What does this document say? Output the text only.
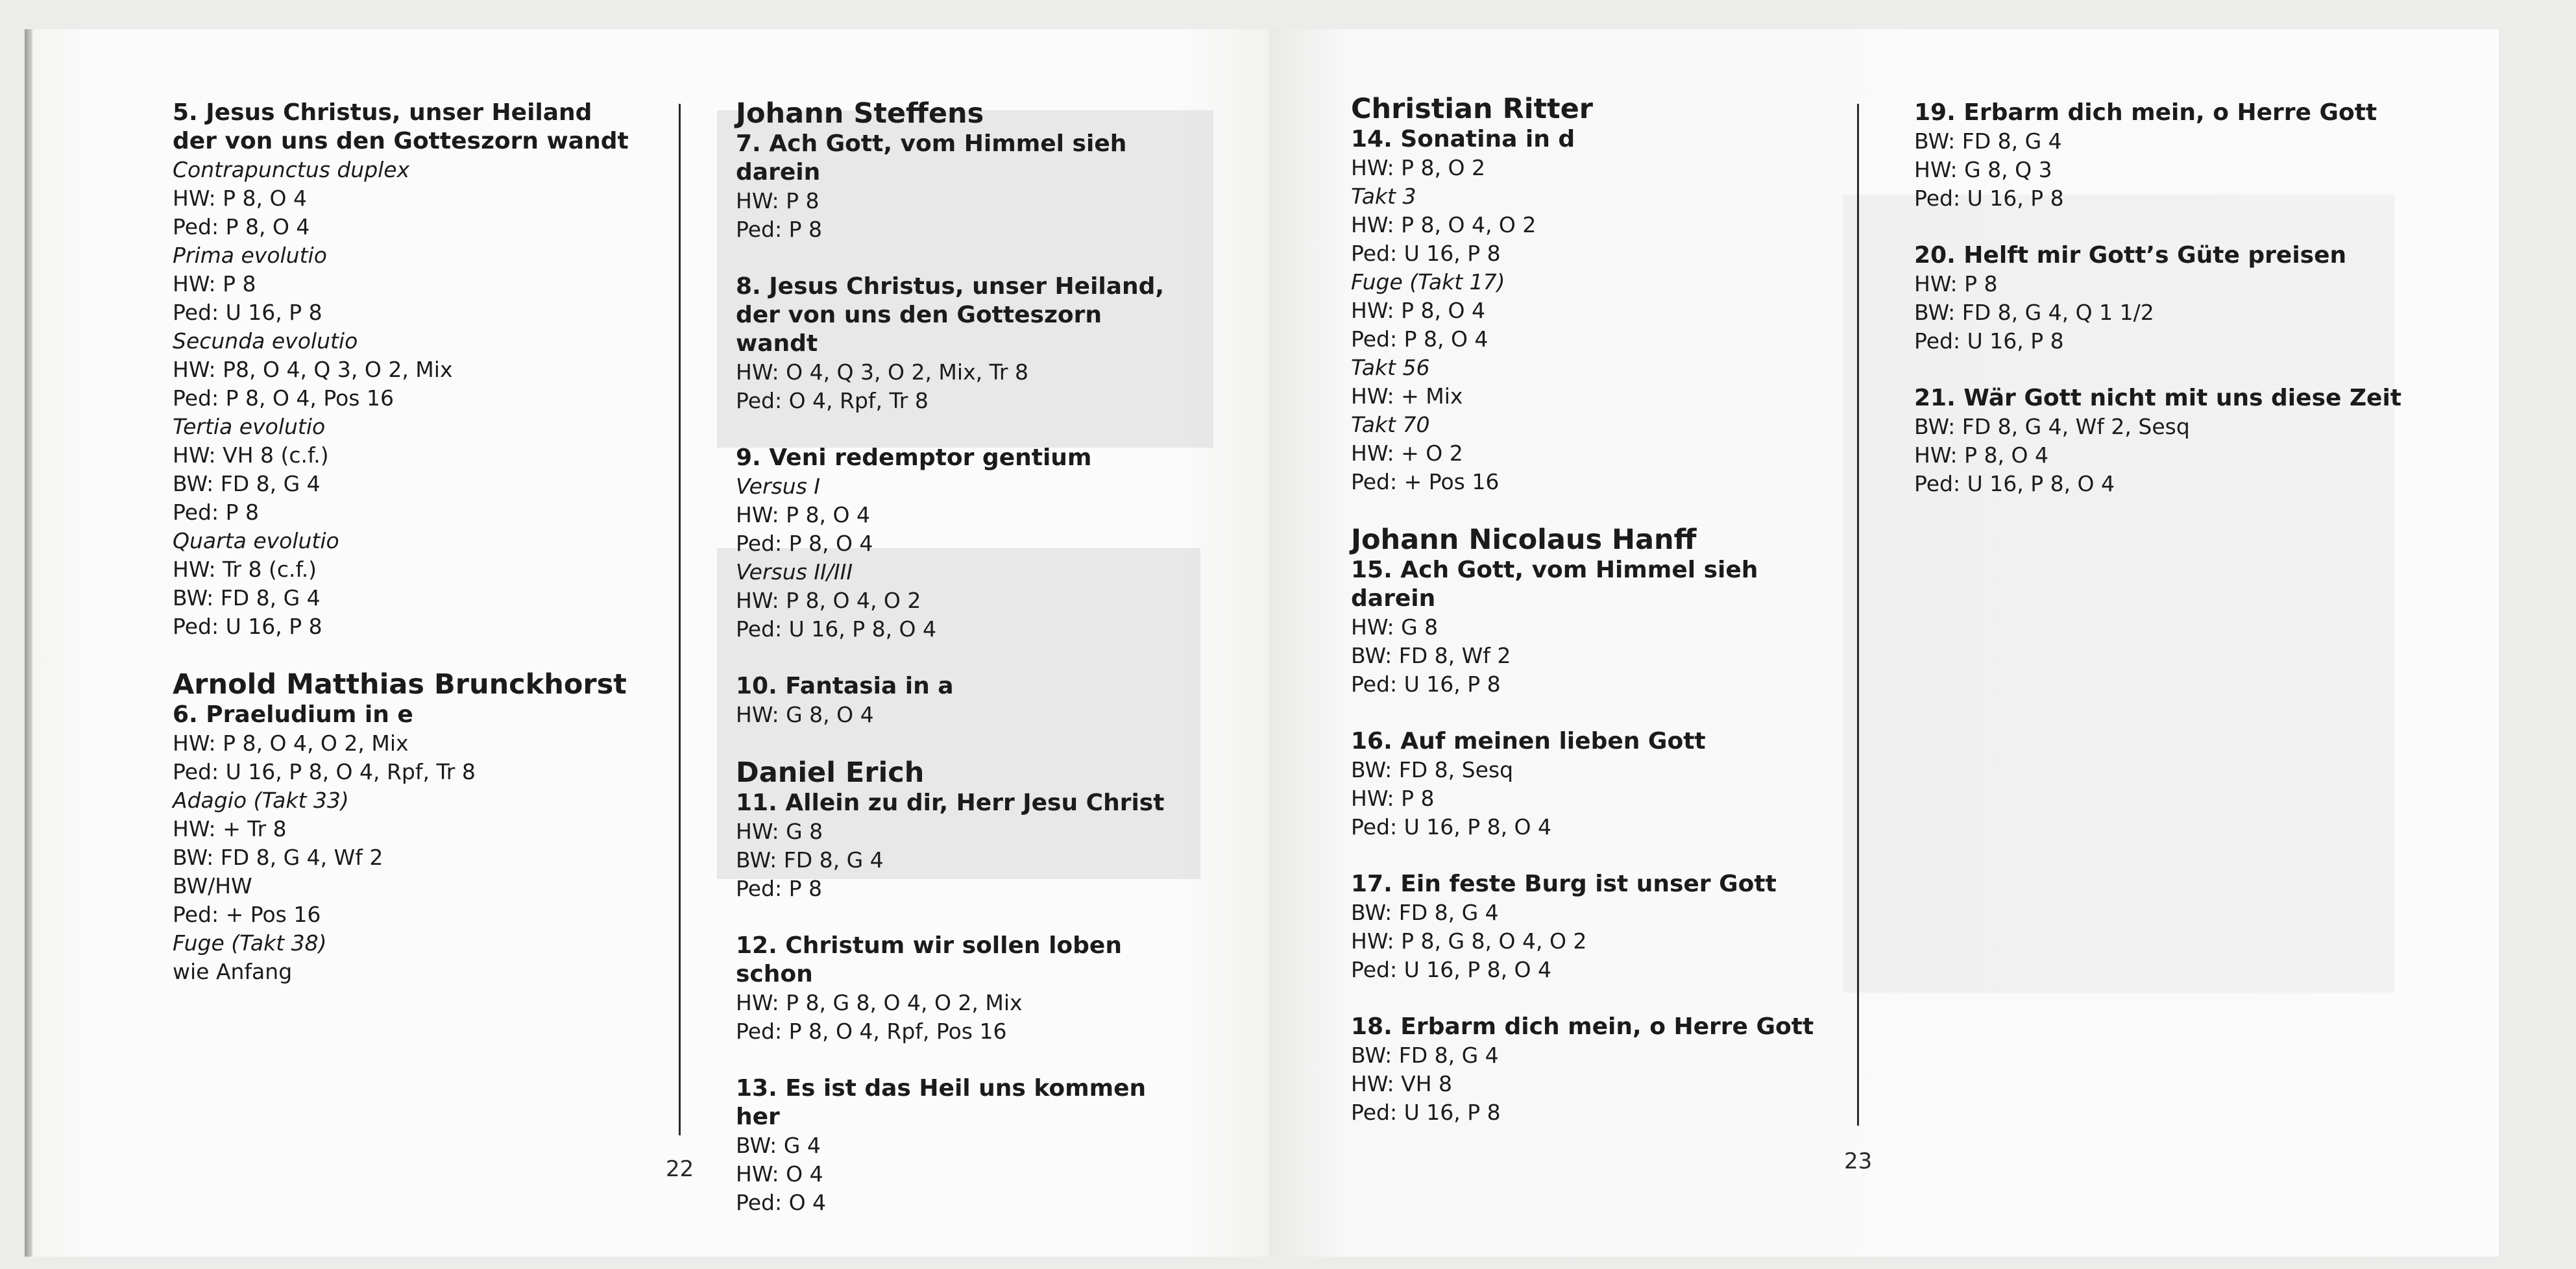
5. Jesus Christus, unser Heiland
der von uns den Gotteszorn wandt
Contrapunctus duplex
HW: P 8, O 4
Ped: P 8, O 4
Prima evolutio
HW: P 8
Ped: U 16, P 8
Secunda evolutio
HW: P8, O 4, Q 3, O 2, Mix
Ped: P 8, O 4, Pos 16
Tertia evolutio
HW: VH 8 (c.f.)
BW: FD 8, G 4
Ped: P 8
Quarta evolutio
HW: Tr 8 (c.f.)
BW: FD 8, G 4
Ped: U 16, P 8
Arnold Matthias Brunckhorst
6. Praeludium in e
HW: P 8, O 4, O 2, Mix
Ped: U 16, P 8, O 4, Rpf, Tr 8
Adagio (Takt 33)
HW: + Tr 8
BW: FD 8, G 4, Wf 2
BW/HW
Ped: + Pos 16
Fuge (Takt 38)
wie Anfang
Johann Steffens
7. Ach Gott, vom Himmel sieh darein
HW: P 8
Ped: P 8
8. Jesus Christus, unser Heiland,
der von uns den Gotteszorn wandt
HW: O 4, Q 3, O 2, Mix, Tr 8
Ped: O 4, Rpf, Tr 8
9. Veni redemptor gentium
Versus I
HW: P 8, O 4
Ped: P 8, O 4
Versus II/III
HW: P 8, O 4, O 2
Ped: U 16, P 8, O 4
10. Fantasia in a
HW: G 8, O 4
Daniel Erich
11. Allein zu dir, Herr Jesu Christ
HW: G 8
BW: FD 8, G 4
Ped: P 8
12. Christum wir sollen loben schon
HW: P 8, G 8, O 4, O 2, Mix
Ped: P 8, O 4, Rpf, Pos 16
13. Es ist das Heil uns kommen her
BW: G 4
HW: O 4
Ped: O 4
Christian Ritter
14. Sonatina in d
HW: P 8, O 2
Takt 3
HW: P 8, O 4, O 2
Ped: U 16, P 8
Fuge (Takt 17)
HW: P 8, O 4
Ped: P 8, O 4
Takt 56
HW: + Mix
Takt 70
HW: + O 2
Ped: + Pos 16
Johann Nicolaus Hanff
15. Ach Gott, vom Himmel sieh darein
HW: G 8
BW: FD 8, Wf 2
Ped: U 16, P 8
16. Auf meinen lieben Gott
BW: FD 8, Sesq
HW: P 8
Ped: U 16, P 8, O 4
17. Ein feste Burg ist unser Gott
BW: FD 8, G 4
HW: P 8, G 8, O 4, O 2
Ped: U 16, P 8, O 4
18. Erbarm dich mein, o Herre Gott
BW: FD 8, G 4
HW: VH 8
Ped: U 16, P 8
19. Erbarm dich mein, o Herre Gott
BW: FD 8, G 4
HW: G 8, Q 3
Ped: U 16, P 8
20. Helft mir Gott’s Güte preisen
HW: P 8
BW: FD 8, G 4, Q 1 1/2
Ped: U 16, P 8
21. Wär Gott nicht mit uns diese Zeit
BW: FD 8, G 4, Wf 2, Sesq
HW: P 8, O 4
Ped: U 16, P 8, O 4
22	23
